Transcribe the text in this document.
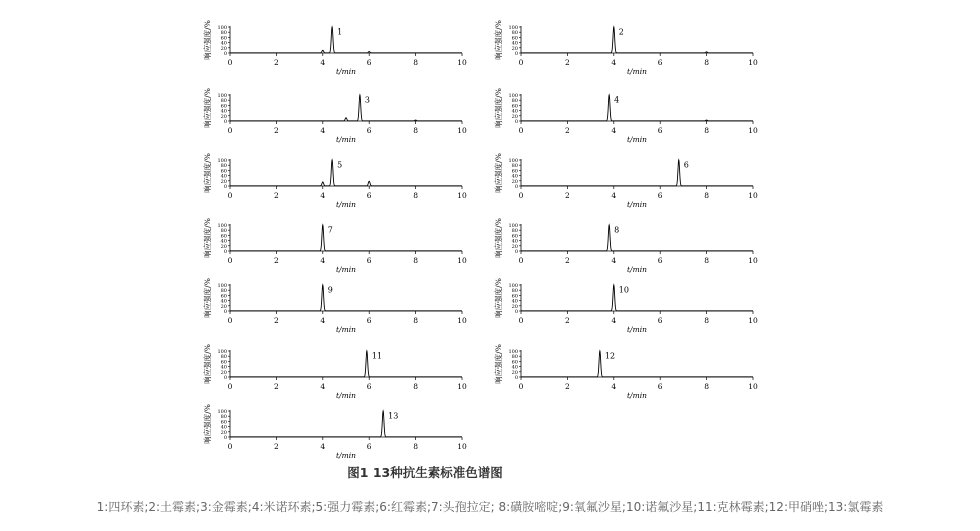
0	2	4	6	8	10
0
20
40
60
80
100
响应强度/%
t/min
1
0	2	4	6	8	10
0
20
40
60
80
100
响应强度/%
t/min
2
0	2	4	6	8	10
0
20
40
60
80
100
响应强度/%
t/min
3
0	2	4	6	8	10
0
20
40
60
80
100
响应强度/%
t/min
4
0	2	4	6	8	10
0
20
40
60
80
100
响应强度/%
t/min
5
0	2	4	6	8	10
0
20
40
60
80
100
响应强度/%
t/min
6
0	2	4	6	8	10
0
20
40
60
80
100
响应强度/%
t/min
7
0	2	4	6	8	10
0
20
40
60
80
100
响应强度/%
t/min
8
0	2	4	6	8	10
0
20
40
60
80
100
响应强度/%
t/min
9
0	2	4	6	8	10
0
20
40
60
80
100
响应强度/%
t/min
10
0	2	4	6	8	10
0
20
40
60
80
100
响应强度/%
t/min
11
0	2	4	6	8	10
0
20
40
60
80
100
响应强度/%
t/min
12
0	2	4	6	8	10
0
20
40
60
80
100
响应强度/%
t/min
13
图1 13种抗生素标准色谱图
1:四环素;2:土霉素;3:金霉素;4:米诺环素;5:强力霉素;6:红霉素;7:头孢拉定; 8:磺胺嘧啶;9:氧氟沙星;10:诺氟沙星;11:克林霉素;12:甲硝唑;13:氯霉素
